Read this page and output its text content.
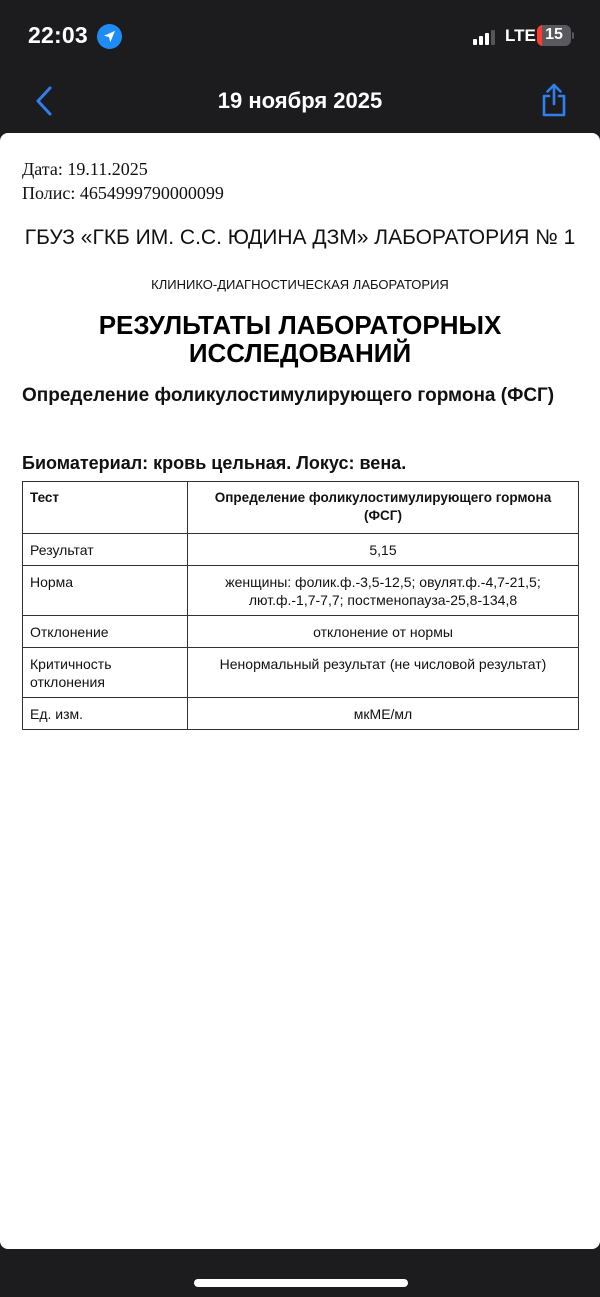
22:03	LTE 15
19 ноября 2025
Дата: 19.11.2025
Полис: 4654999790000099
ГБУЗ «ГКБ ИМ. С.С. ЮДИНА ДЗМ» ЛАБОРАТОРИЯ № 1
КЛИНИКО-ДИАГНОСТИЧЕСКАЯ ЛАБОРАТОРИЯ
РЕЗУЛЬТАТЫ ЛАБОРАТОРНЫХ ИССЛЕДОВАНИЙ
Определение фоликулостимулирующего гормона (ФСГ)
Биоматериал: кровь цельная. Локус: вена.
Тест	Определение фоликулостимулирующего гормона (ФСГ)
Результат	5,15
Норма	женщины: фолик.ф.-3,5-12,5; овулят.ф.-4,7-21,5; лют.ф.-1,7-7,7; постменопауза-25,8-134,8
Отклонение	отклонение от нормы
Критичность отклонения	Ненормальный результат (не числовой результат)
Ед. изм.	мкМЕ/мл
